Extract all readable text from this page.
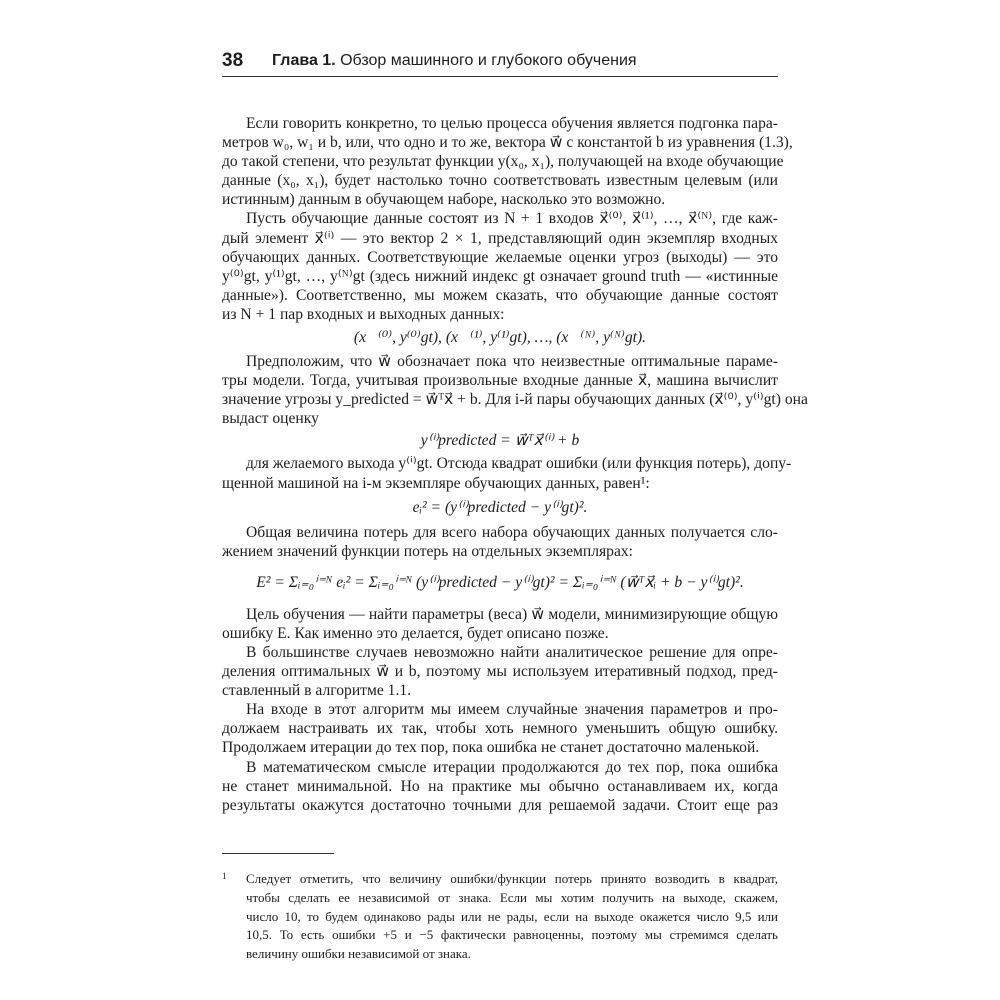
38 Глава 1. Обзор машинного и глубокого обучения
Если говорить конкретно, то целью процесса обучения является подгонка пара-
метров w₀, w₁ и b, или, что одно и то же, вектора w⃗ с константой b из уравнения (1.3),
до такой степени, что результат функции y(x₀, x₁), получающей на входе обучающие
данные (x₀, x₁), будет настолько точно соответствовать известным целевым (или
истинным) данным в обучающем наборе, насколько это возможно.
Пусть обучающие данные состоят из N + 1 входов x⃗⁽⁰⁾, x⃗⁽¹⁾, …, x⃗⁽ᴺ⁾, где каж-
дый элемент x⃗⁽ⁱ⁾ — это вектор 2 × 1, представляющий один экземпляр входных
обучающих данных. Соответствующие желаемые оценки угроз (выходы) — это
y⁽⁰⁾gt, y⁽¹⁾gt, …, y⁽ᴺ⁾gt (здесь нижний индекс gt означает ground truth — «истинные
данные»). Соответственно, мы можем сказать, что обучающие данные состоят
из N + 1 пар входных и выходных данных:
(x⃗⁽⁰⁾, y⁽⁰⁾gt), (x⃗⁽¹⁾, y⁽¹⁾gt), …, (x⃗⁽ᴺ⁾, y⁽ᴺ⁾gt).
Предположим, что w⃗ обозначает пока что неизвестные оптимальные параме-
тры модели. Тогда, учитывая произвольные входные данные x⃗, машина вычислит
значение угрозы y_predicted = w⃗ᵀx⃗ + b. Для i-й пары обучающих данных (x⃗⁽⁰⁾, y⁽ⁱ⁾gt) она
выдаст оценку
y⁽ⁱ⁾predicted = w⃗ᵀx⃗⁽ⁱ⁾ + b
для желаемого выхода y⁽ⁱ⁾gt. Отсюда квадрат ошибки (или функция потерь), допу-
щенной машиной на i-м экземпляре обучающих данных, равен¹:
eᵢ² = (y⁽ⁱ⁾predicted − y⁽ⁱ⁾gt)².
Общая величина потерь для всего набора обучающих данных получается сло-
жением значений функции потерь на отдельных экземплярах:
E² = Σᵢ₌₀ⁱ⁼ᴺ eᵢ² = Σᵢ₌₀ⁱ⁼ᴺ (y⁽ⁱ⁾predicted − y⁽ⁱ⁾gt)² = Σᵢ₌₀ⁱ⁼ᴺ (w⃗ᵀx⃗ᵢ + b − y⁽ⁱ⁾gt)².
Цель обучения — найти параметры (веса) w⃗ модели, минимизирующие общую
ошибку E. Как именно это делается, будет описано позже.
В большинстве случаев невозможно найти аналитическое решение для опре-
деления оптимальных w⃗ и b, поэтому мы используем итеративный подход, пред-
ставленный в алгоритме 1.1.
На входе в этот алгоритм мы имеем случайные значения параметров и про-
должаем настраивать их так, чтобы хоть немного уменьшить общую ошибку.
Продолжаем итерации до тех пор, пока ошибка не станет достаточно маленькой.
В математическом смысле итерации продолжаются до тех пор, пока ошибка
не станет минимальной. Но на практике мы обычно останавливаем их, когда
результаты окажутся достаточно точными для решаемой задачи. Стоит еще раз
1 Следует отметить, что величину ошибки/функции потерь принято возводить в квадрат,
чтобы сделать ее независимой от знака. Если мы хотим получить на выходе, скажем,
число 10, то будем одинаково рады или не рады, если на выходе окажется число 9,5 или
10,5. То есть ошибки +5 и −5 фактически равноценны, поэтому мы стремимся сделать
величину ошибки независимой от знака.
